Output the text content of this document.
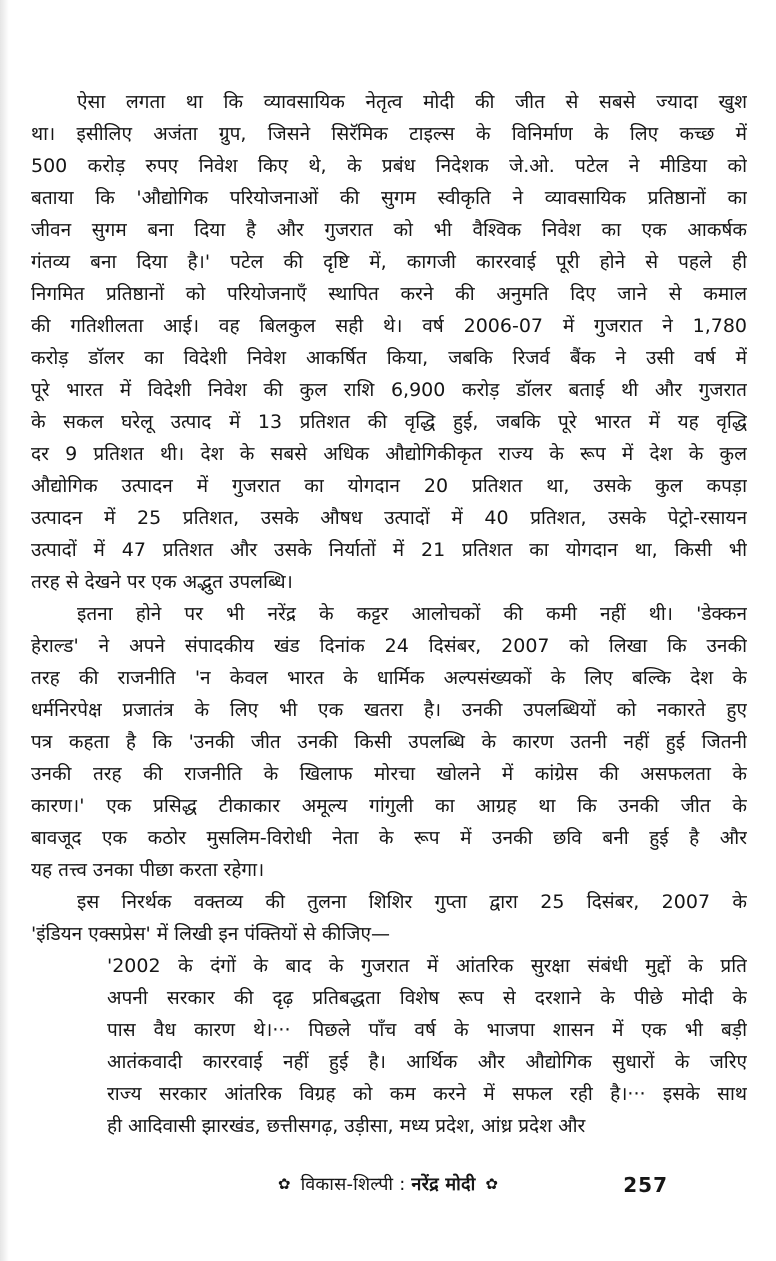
ऐसा लगता था कि व्यावसायिक नेतृत्व मोदी की जीत से सबसे ज्यादा खुश
था। इसीलिए अजंता ग्रुप, जिसने सिरॅमिक टाइल्स के विनिर्माण के लिए कच्छ में
500 करोड़ रुपए निवेश किए थे, के प्रबंध निदेशक जे.ओ. पटेल ने मीडिया को
बताया कि 'औद्योगिक परियोजनाओं की सुगम स्वीकृति ने व्यावसायिक प्रतिष्ठानों का
जीवन सुगम बना दिया है और गुजरात को भी वैश्विक निवेश का एक आकर्षक
गंतव्य बना दिया है।' पटेल की दृष्टि में, कागजी काररवाई पूरी होने से पहले ही
निगमित प्रतिष्ठानों को परियोजनाएँ स्थापित करने की अनुमति दिए जाने से कमाल
की गतिशीलता आई। वह बिलकुल सही थे। वर्ष 2006-07 में गुजरात ने 1,780
करोड़ डॉलर का विदेशी निवेश आकर्षित किया, जबकि रिजर्व बैंक ने उसी वर्ष में
पूरे भारत में विदेशी निवेश की कुल राशि 6,900 करोड़ डॉलर बताई थी और गुजरात
के सकल घरेलू उत्पाद में 13 प्रतिशत की वृद्धि हुई, जबकि पूरे भारत में यह वृद्धि
दर 9 प्रतिशत थी। देश के सबसे अधिक औद्योगिकीकृत राज्य के रूप में देश के कुल
औद्योगिक उत्पादन में गुजरात का योगदान 20 प्रतिशत था, उसके कुल कपड़ा
उत्पादन में 25 प्रतिशत, उसके औषध उत्पादों में 40 प्रतिशत, उसके पेट्रो-रसायन
उत्पादों में 47 प्रतिशत और उसके निर्यातों में 21 प्रतिशत का योगदान था, किसी भी
तरह से देखने पर एक अद्भुत उपलब्धि।
इतना होने पर भी नरेंद्र के कट्टर आलोचकों की कमी नहीं थी। 'डेक्कन
हेराल्ड' ने अपने संपादकीय खंड दिनांक 24 दिसंबर, 2007 को लिखा कि उनकी
तरह की राजनीति 'न केवल भारत के धार्मिक अल्पसंख्यकों के लिए बल्कि देश के
धर्मनिरपेक्ष प्रजातंत्र के लिए भी एक खतरा है। उनकी उपलब्धियों को नकारते हुए
पत्र कहता है कि 'उनकी जीत उनकी किसी उपलब्धि के कारण उतनी नहीं हुई जितनी
उनकी तरह की राजनीति के खिलाफ मोरचा खोलने में कांग्रेस की असफलता के
कारण।' एक प्रसिद्ध टीकाकार अमूल्य गांगुली का आग्रह था कि उनकी जीत के
बावजूद एक कठोर मुसलिम-विरोधी नेता के रूप में उनकी छवि बनी हुई है और
यह तत्त्व उनका पीछा करता रहेगा।
इस निरर्थक वक्तव्य की तुलना शिशिर गुप्ता द्वारा 25 दिसंबर, 2007 के
'इंडियन एक्सप्रेस' में लिखी इन पंक्तियों से कीजिए—
'2002 के दंगों के बाद के गुजरात में आंतरिक सुरक्षा संबंधी मुद्दों के प्रति
अपनी सरकार की दृढ़ प्रतिबद्धता विशेष रूप से दरशाने के पीछे मोदी के
पास वैध कारण थे।··· पिछले पाँच वर्ष के भाजपा शासन में एक भी बड़ी
आतंकवादी काररवाई नहीं हुई है। आर्थिक और औद्योगिक सुधारों के जरिए
राज्य सरकार आंतरिक विग्रह को कम करने में सफल रही है।··· इसके साथ
ही आदिवासी झारखंड, छत्तीसगढ़, उड़ीसा, मध्य प्रदेश, आंध्र प्रदेश और
✿ विकास-शिल्पी : नरेंद्र मोदी ✿	257
